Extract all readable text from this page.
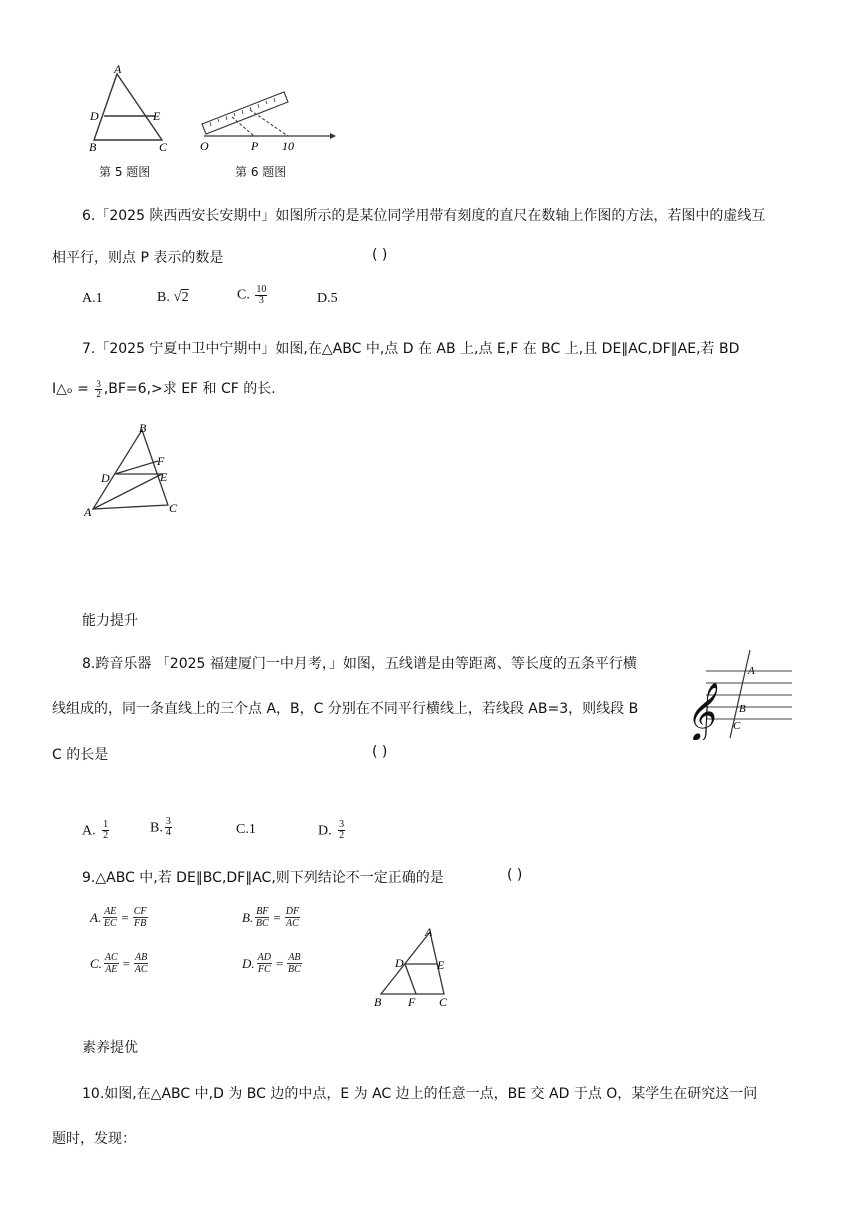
A
D	E
B	C
第 5 题图
O	P 10
第 6 题图
6.「2025 陕西西安长安期中」如图所示的是某位同学用带有刻度的直尺在数轴上作图的方法，若图中的虚线互
相平行，则点 P 表示的数是	( )
A.1	B. √2	C. $\frac{10}{3}$	D.5
7.「2025 宁夏中卫中宁期中」如图,在△ABC 中,点 D 在 AB 上,点 E,F 在 BC 上,且 DE∥AC,DF∥AE,若 BD
I△ₒ = $\frac{3}{2} ,BF=6,>$求 EF 和 CF 的长.
B
F
D	E
A	C
能力提升
8.跨音乐器 「2025 福建厦门一中月考，」如图，五线谱是由等距离、等长度的五条平行横
线组成的，同一条直线上的三个点 A，B，C 分别在不同平行横线上，若线段 AB=3，则线段 B
C 的长是	( )
𝄞
A
B
C
A. $\frac{1}{2}$	B. $\frac{3}{4}$	C.1	D. $\frac{3}{2}$
9.△ABC 中,若 DE∥BC,DF∥AC,则下列结论不一定正确的是	( )
A. $\frac{AE}{EC} = \frac{CF}{FB}$	B. $\frac{BF}{BC} = \frac{DF}{AC}$
C. $\frac{AC}{AE} = \frac{AB}{AC}$	D. $\frac{AD}{FC} = \frac{AB}{BC}$
A
D	E
B F C
素养提优
10.如图,在△ABC 中,D 为 BC 边的中点，E 为 AC 边上的任意一点，BE 交 AD 于点 O，某学生在研究这一问
题时，发现：
